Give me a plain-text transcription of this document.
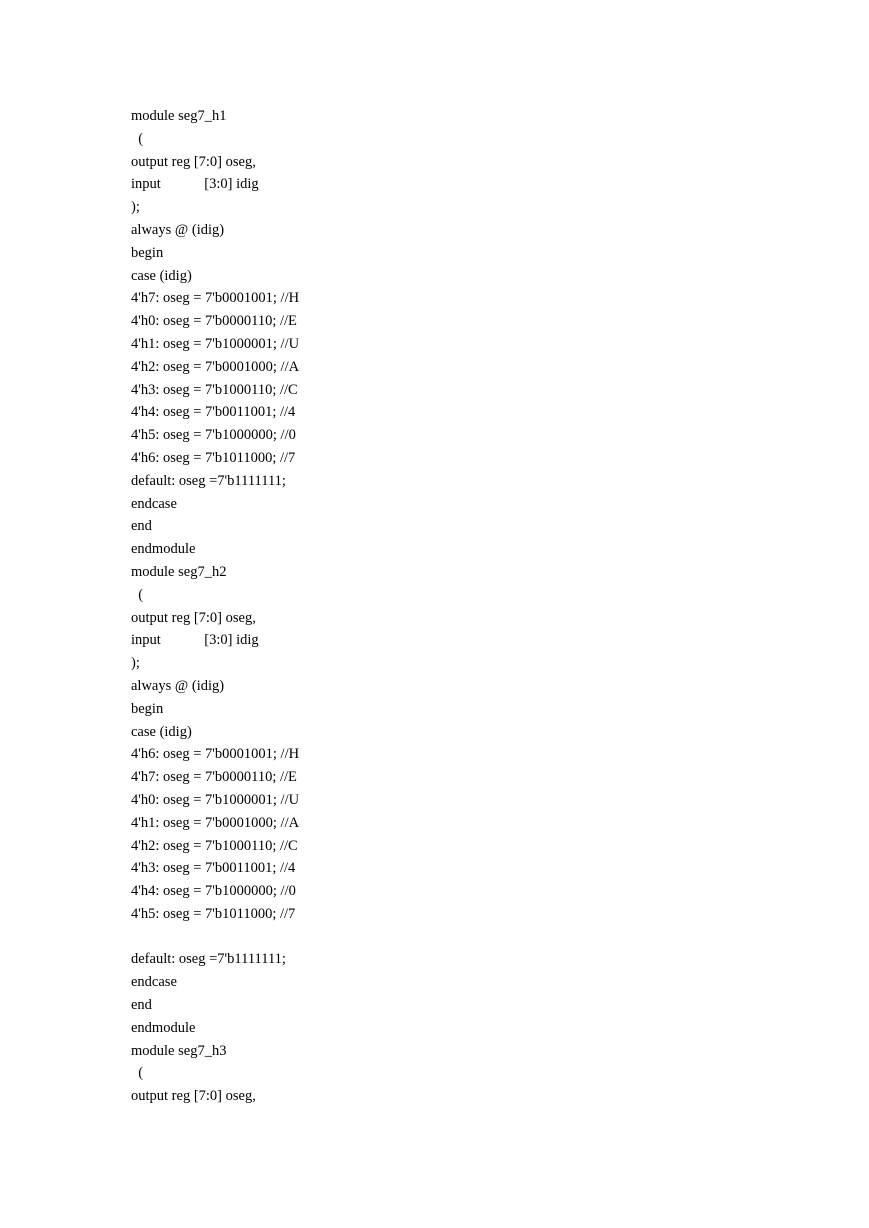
module seg7_h1
(
output reg [7:0] oseg,
input            [3:0] idig
);
always @ (idig)
begin
case (idig)
4'h7: oseg = 7'b0001001; //H
4'h0: oseg = 7'b0000110; //E
4'h1: oseg = 7'b1000001; //U
4'h2: oseg = 7'b0001000; //A
4'h3: oseg = 7'b1000110; //C
4'h4: oseg = 7'b0011001; //4
4'h5: oseg = 7'b1000000; //0
4'h6: oseg = 7'b1011000; //7
default: oseg =7'b1111111;
endcase
end
endmodule
module seg7_h2
(
output reg [7:0] oseg,
input            [3:0] idig
);
always @ (idig)
begin
case (idig)
4'h6: oseg = 7'b0001001; //H
4'h7: oseg = 7'b0000110; //E
4'h0: oseg = 7'b1000001; //U
4'h1: oseg = 7'b0001000; //A
4'h2: oseg = 7'b1000110; //C
4'h3: oseg = 7'b0011001; //4
4'h4: oseg = 7'b1000000; //0
4'h5: oseg = 7'b1011000; //7
default: oseg =7'b1111111;
endcase
end
endmodule
module seg7_h3
(
output reg [7:0] oseg,
